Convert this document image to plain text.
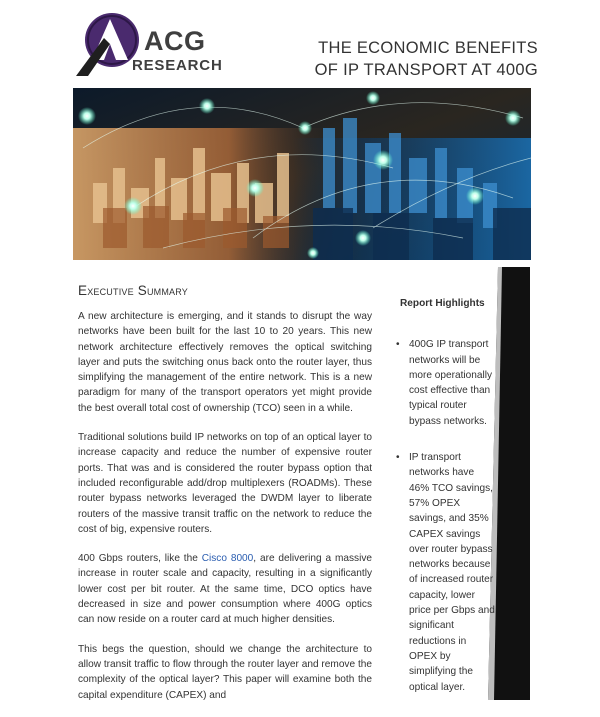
ACG
RESEARCH
THE ECONOMIC BENEFITS
OF IP TRANSPORT AT 400G
Executive Summary

A new architecture is emerging, and it stands to disrupt the way networks have been built for the last 10 to 20 years. This new network architecture effectively removes the optical switching layer and puts the switching onus back onto the router layer, thus simplifying the management of the entire network. This is a new paradigm for many of the transport operators yet might provide the best overall total cost of ownership (TCO) seen in a while.

Traditional solutions build IP networks on top of an optical layer to increase capacity and reduce the number of expensive router ports. That was and is considered the router bypass option that included reconfigurable add/drop multiplexers (ROADMs). These router bypass networks leveraged the DWDM layer to liberate routers of the massive transit traffic on the network to reduce the cost of big, expensive routers.

400 Gbps routers, like the Cisco 8000, are delivering a massive increase in router scale and capacity, resulting in a significantly lower cost per bit router. At the same time, DCO optics have decreased in size and power consumption where 400G optics can now reside on a router card at much higher densities.

This begs the question, should we change the architecture to allow transit traffic to flow through the router layer and remove the complexity of the optical layer? This paper will examine both the capital expenditure (CAPEX) and

Report Highlights
• 400G IP transport networks will be more operationally cost effective than typical router bypass networks.
• IP transport networks have 46% TCO savings, 57% OPEX savings, and 35% CAPEX savings over router bypass networks because of increased router capacity, lower price per Gbps and significant reductions in OPEX by simplifying the optical layer.
